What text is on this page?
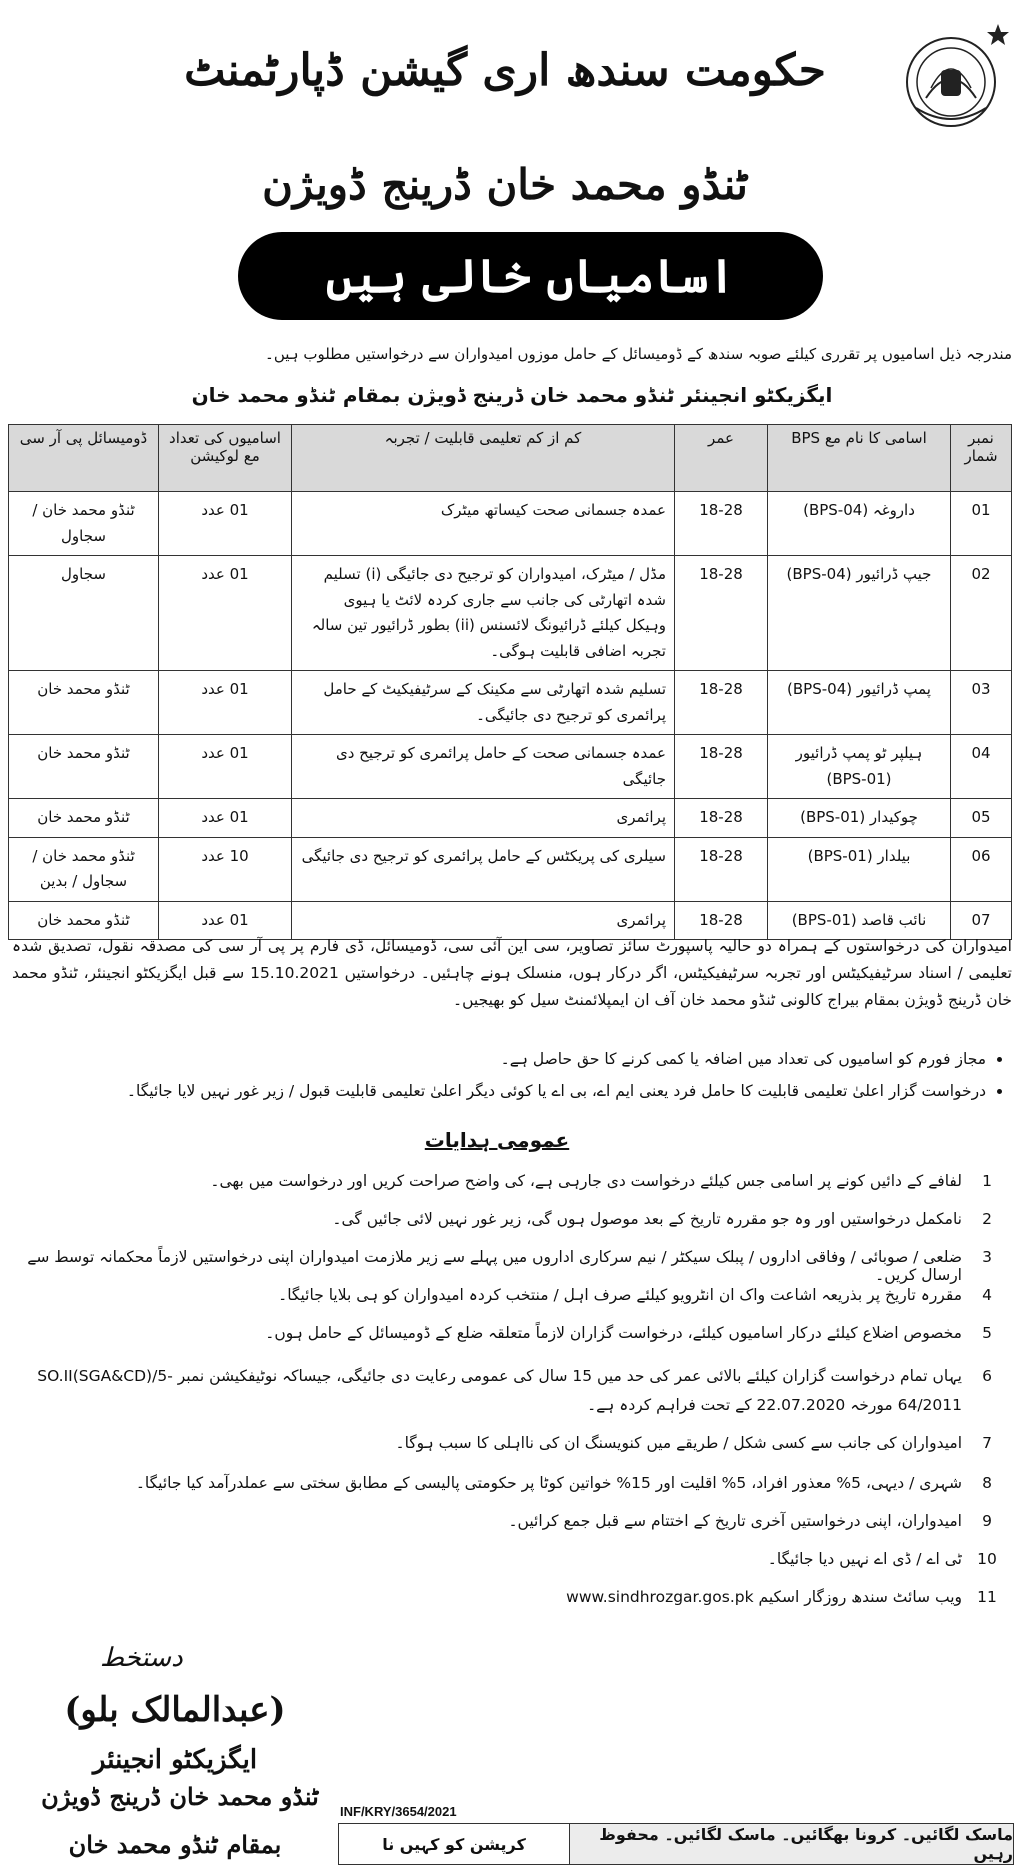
حکومت سندھ اری گیشن ڈپارٹمنٹ
ٹنڈو محمد خان ڈرینج ڈویژن
اسامیاں خالی ہیں
مندرجہ ذیل اسامیوں پر تقرری کیلئے صوبہ سندھ کے ڈومیسائل کے حامل موزوں امیدواران سے درخواستیں مطلوب ہیں۔
ایگزیکٹو انجینئر ٹنڈو محمد خان ڈرینج ڈویژن بمقام ٹنڈو محمد خان
نمبر شمار	اسامی کا نام مع BPS	عمر	کم از کم تعلیمی قابلیت / تجربہ	اسامیوں کی تعداد مع لوکیشن	ڈومیسائل پی آر سی
01	داروغہ (BPS-04)	18-28	عمدہ جسمانی صحت کیساتھ میٹرک	01 عدد	ٹنڈو محمد خان / سجاول
02	جیپ ڈرائیور (BPS-04)	18-28	مڈل / میٹرک، امیدواران کو ترجیح دی جائیگی (i) تسلیم شدہ اتھارٹی کی جانب سے جاری کردہ لائٹ یا ہیوی وہیکل کیلئے ڈرائیونگ لائسنس (ii) بطور ڈرائیور تین سالہ تجربہ اضافی قابلیت ہوگی۔	01 عدد	سجاول
03	پمپ ڈرائیور (BPS-04)	18-28	تسلیم شدہ اتھارٹی سے مکینک کے سرٹیفیکیٹ کے حامل پرائمری کو ترجیح دی جائیگی۔	01 عدد	ٹنڈو محمد خان
04	ہیلپر ٹو پمپ ڈرائیور (BPS-01)	18-28	عمدہ جسمانی صحت کے حامل پرائمری کو ترجیح دی جائیگی	01 عدد	ٹنڈو محمد خان
05	چوکیدار (BPS-01)	18-28	پرائمری	01 عدد	ٹنڈو محمد خان
06	بیلدار (BPS-01)	18-28	سیلری کی پریکٹس کے حامل پرائمری کو ترجیح دی جائیگی	10 عدد	ٹنڈو محمد خان / سجاول / بدین
07	نائب قاصد (BPS-01)	18-28	پرائمری	01 عدد	ٹنڈو محمد خان
امیدواران کی درخواستوں کے ہمراہ دو حالیہ پاسپورٹ سائز تصاویر، سی این آئی سی، ڈومیسائل، ڈی فارم پر پی آر سی کی مصدقہ نقول، تصدیق شدہ تعلیمی / اسناد سرٹیفیکیٹس اور تجربہ سرٹیفیکیٹس، اگر درکار ہوں، منسلک ہونے چاہئیں۔ درخواستیں 15.10.2021 سے قبل ایگزیکٹو انجینئر، ٹنڈو محمد خان ڈرینج ڈویژن بمقام بیراج کالونی ٹنڈو محمد خان آف ان ایمپلائمنٹ سیل کو بھیجیں۔
• مجاز فورم کو اسامیوں کی تعداد میں اضافہ یا کمی کرنے کا حق حاصل ہے۔
• درخواست گزار اعلیٰ تعلیمی قابلیت کا حامل فرد یعنی ایم اے، بی اے یا کوئی دیگر اعلیٰ تعلیمی قابلیت قبول / زیر غور نہیں لایا جائیگا۔
عمومی ہدایات
1
لفافے کے دائیں کونے پر اسامی جس کیلئے درخواست دی جارہی ہے، کی واضح صراحت کریں اور درخواست میں بھی۔
2
نامکمل درخواستیں اور وہ جو مقررہ تاریخ کے بعد موصول ہوں گی، زیر غور نہیں لائی جائیں گی۔
3
ضلعی / صوبائی / وفاقی اداروں / پبلک سیکٹر / نیم سرکاری اداروں میں پہلے سے زیر ملازمت امیدواران اپنی درخواستیں لازماً محکمانہ توسط سے ارسال کریں۔
4
مقررہ تاریخ پر بذریعہ اشاعت واک ان انٹرویو کیلئے صرف اہل / منتخب کردہ امیدواران کو ہی بلایا جائیگا۔
5
مخصوص اضلاع کیلئے درکار اسامیوں کیلئے، درخواست گزاران لازماً متعلقہ ضلع کے ڈومیسائل کے حامل ہوں۔
6
یہاں تمام درخواست گزاران کیلئے بالائی عمر کی حد میں 15 سال کی عمومی رعایت دی جائیگی، جیساکہ نوٹیفکیشن نمبر SO.II(SGA&CD)/5-64/2011 مورخہ 22.07.2020 کے تحت فراہم کردہ ہے۔
7
امیدواران کی جانب سے کسی شکل / طریقے میں کنویسنگ ان کی نااہلی کا سبب ہوگا۔
8
شہری / دیہی، 5% معذور افراد، 5% اقلیت اور 15% خواتین کوٹا پر حکومتی پالیسی کے مطابق سختی سے عملدرآمد کیا جائیگا۔
9
امیدواران، اپنی درخواستیں آخری تاریخ کے اختتام سے قبل جمع کرائیں۔
10
ٹی اے / ڈی اے نہیں دیا جائیگا۔
11
ویب سائٹ سندھ روزگار اسکیم www.sindhrozgar.gos.pk
دستخط
(عبدالمالک بلو)
ایگزیکٹو انجینئر
ٹنڈو محمد خان ڈرینج ڈویژن
بمقام ٹنڈو محمد خان
INF/KRY/3654/2021
ماسک لگائیں۔ کرونا بھگائیں۔ ماسک لگائیں۔ محفوظ رہیں
کرپشن کو کہیں نا
